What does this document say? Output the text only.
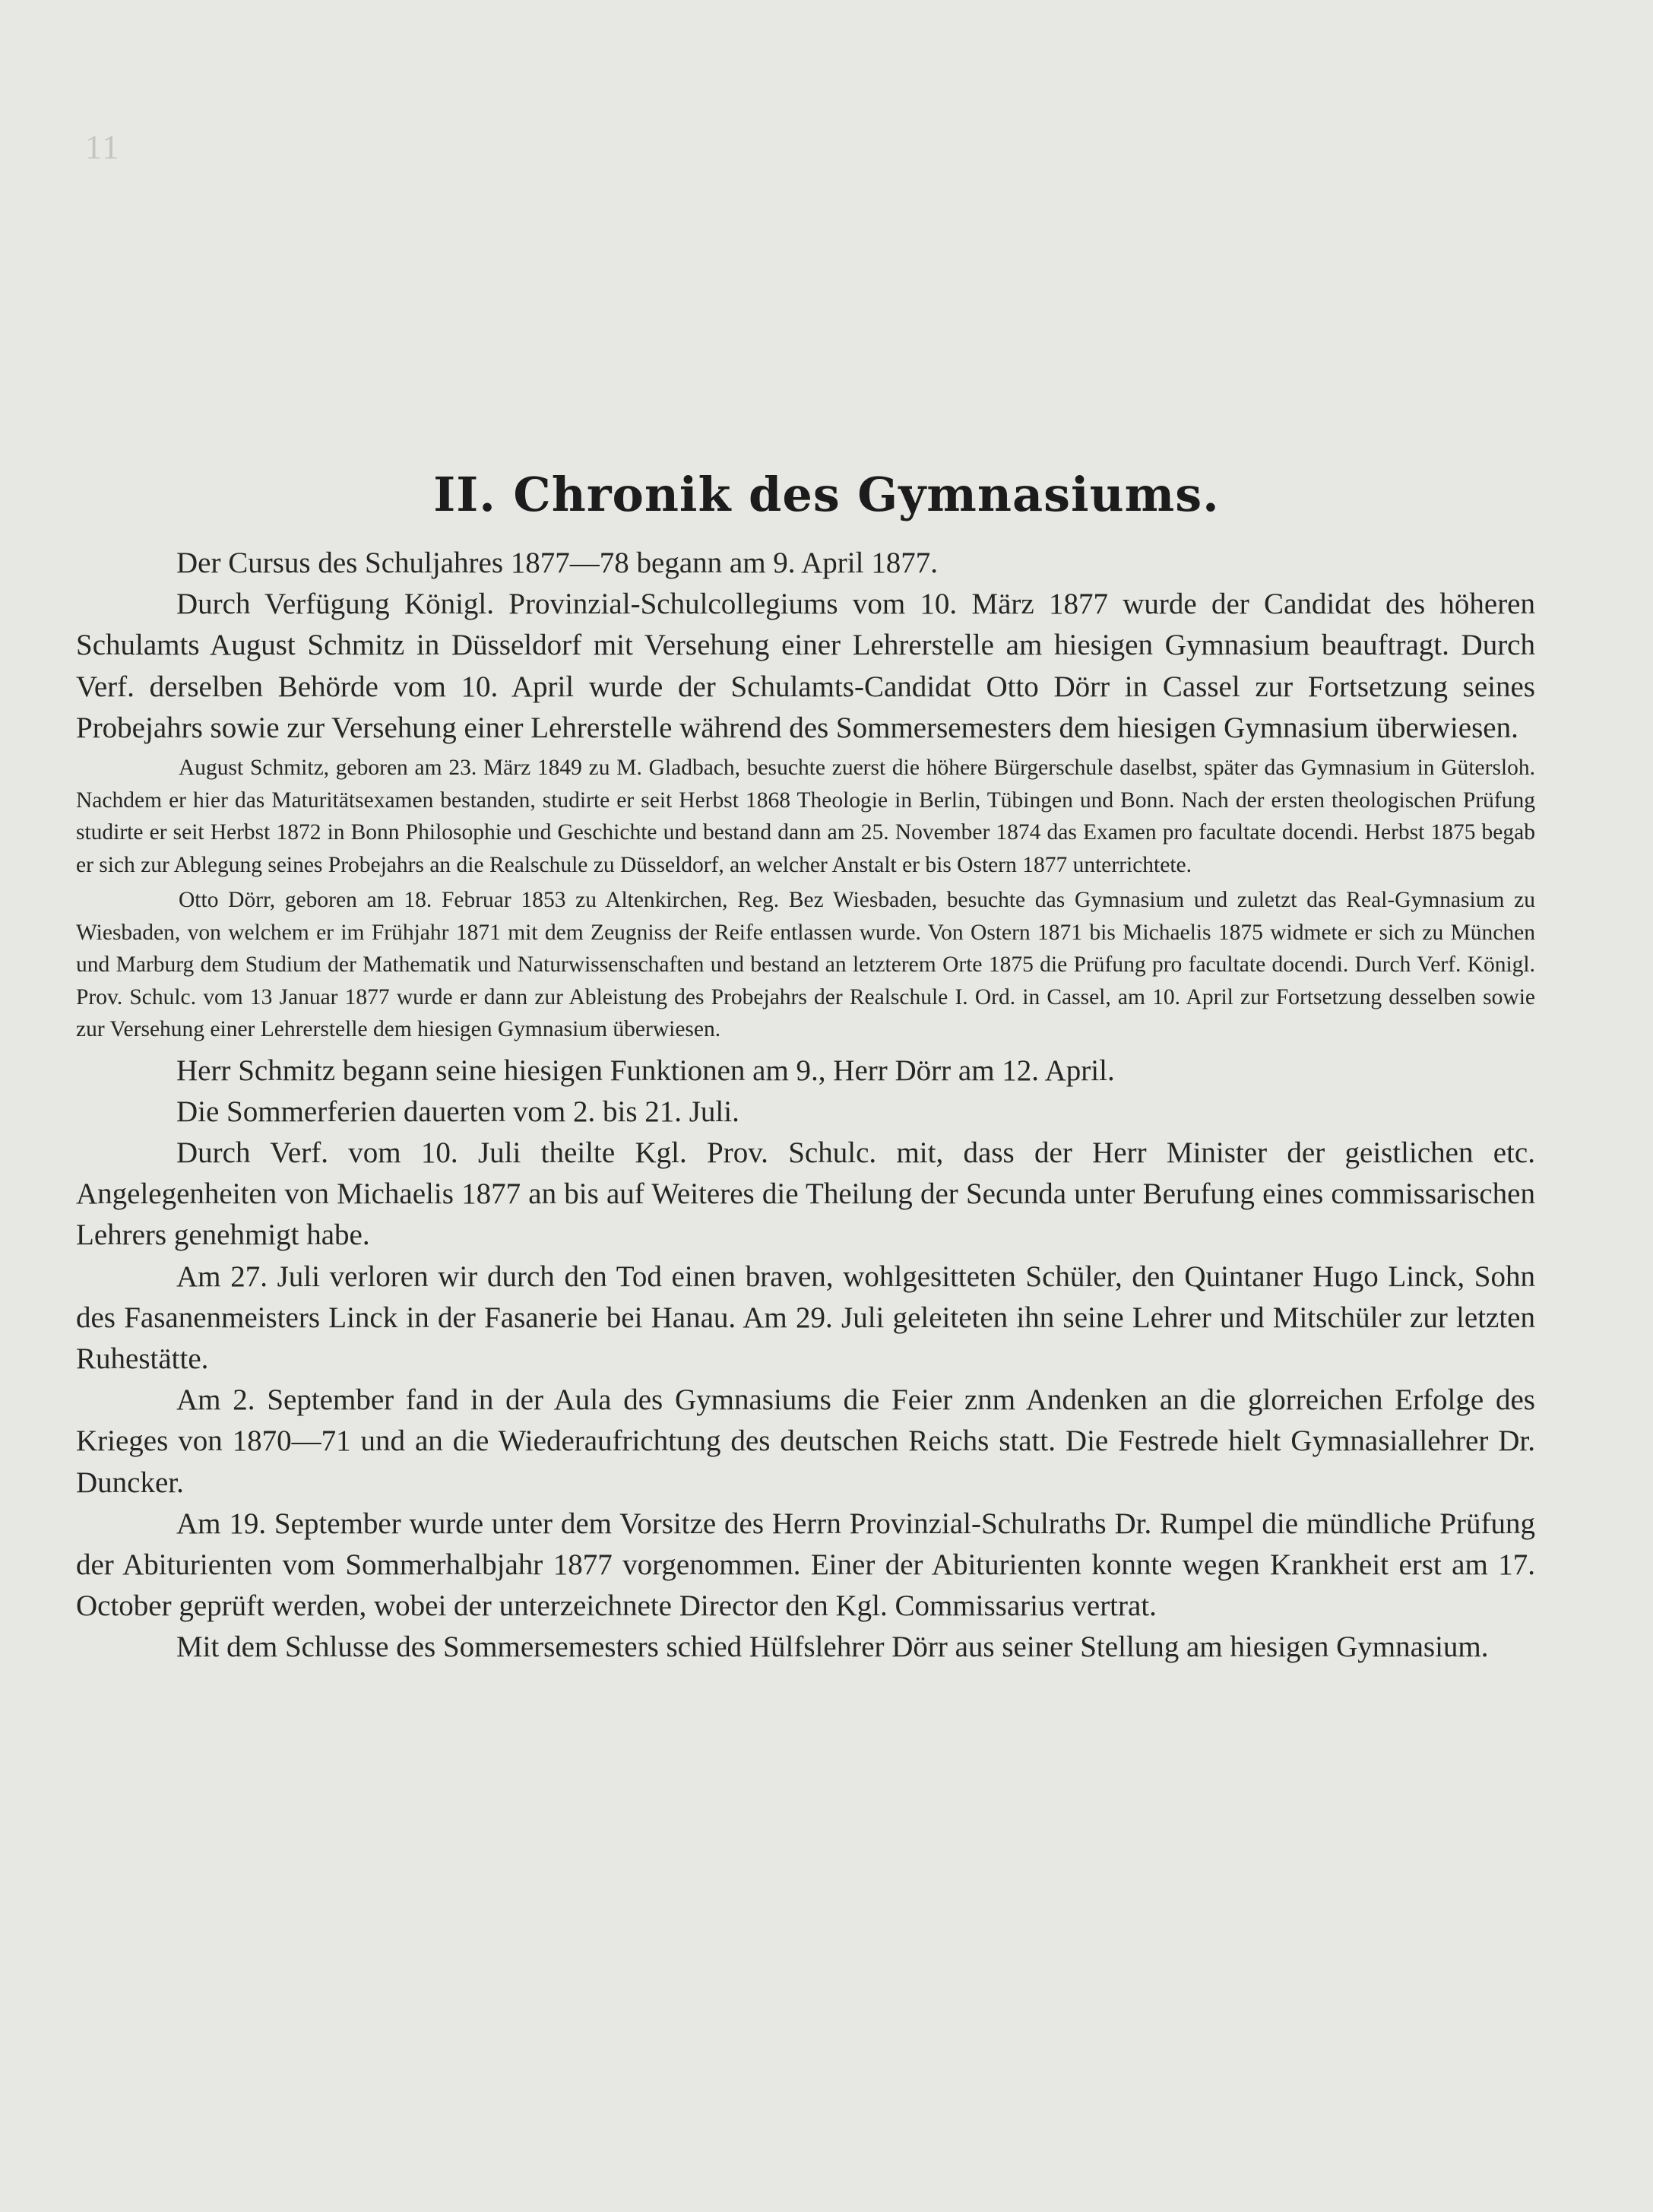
11
II. Chronik des Gymnasiums.

Der Cursus des Schuljahres 1877—78 begann am 9. April 1877.

Durch Verfügung Königl. Provinzial-Schulcollegiums vom 10. März 1877 wurde der Candidat des höheren Schulamts August Schmitz in Düsseldorf mit Versehung einer Lehrerstelle am hiesigen Gymnasium beauftragt. Durch Verf. derselben Behörde vom 10. April wurde der Schulamts-Candidat Otto Dörr in Cassel zur Fortsetzung seines Probejahrs sowie zur Versehung einer Lehrerstelle während des Sommersemesters dem hiesigen Gymnasium überwiesen.

August Schmitz, geboren am 23. März 1849 zu M. Gladbach, besuchte zuerst die höhere Bürgerschule daselbst, später das Gymnasium in Gütersloh. Nachdem er hier das Maturitätsexamen bestanden, studirte er seit Herbst 1868 Theologie in Berlin, Tübingen und Bonn. Nach der ersten theologischen Prüfung studirte er seit Herbst 1872 in Bonn Philosophie und Geschichte und bestand dann am 25. November 1874 das Examen pro facultate docendi. Herbst 1875 begab er sich zur Ablegung seines Probejahrs an die Realschule zu Düsseldorf, an welcher Anstalt er bis Ostern 1877 unterrichtete.

Otto Dörr, geboren am 18. Februar 1853 zu Altenkirchen, Reg. Bez Wiesbaden, besuchte das Gymnasium und zuletzt das Real-Gymnasium zu Wiesbaden, von welchem er im Frühjahr 1871 mit dem Zeugniss der Reife entlassen wurde. Von Ostern 1871 bis Michaelis 1875 widmete er sich zu München und Marburg dem Studium der Mathematik und Naturwissenschaften und bestand an letzterem Orte 1875 die Prüfung pro facultate docendi. Durch Verf. Königl. Prov. Schulc. vom 13 Januar 1877 wurde er dann zur Ableistung des Probejahrs der Realschule I. Ord. in Cassel, am 10. April zur Fortsetzung desselben sowie zur Versehung einer Lehrerstelle dem hiesigen Gymnasium überwiesen.

Herr Schmitz begann seine hiesigen Funktionen am 9., Herr Dörr am 12. April.

Die Sommerferien dauerten vom 2. bis 21. Juli.

Durch Verf. vom 10. Juli theilte Kgl. Prov. Schulc. mit, dass der Herr Minister der geistlichen etc. Angelegenheiten von Michaelis 1877 an bis auf Weiteres die Theilung der Secunda unter Berufung eines commissarischen Lehrers genehmigt habe.

Am 27. Juli verloren wir durch den Tod einen braven, wohlgesitteten Schüler, den Quintaner Hugo Linck, Sohn des Fasanenmeisters Linck in der Fasanerie bei Hanau. Am 29. Juli geleiteten ihn seine Lehrer und Mitschüler zur letzten Ruhestätte.

Am 2. September fand in der Aula des Gymnasiums die Feier znm Andenken an die glorreichen Erfolge des Krieges von 1870—71 und an die Wiederaufrichtung des deutschen Reichs statt. Die Festrede hielt Gymnasiallehrer Dr. Duncker.

Am 19. September wurde unter dem Vorsitze des Herrn Provinzial-Schulraths Dr. Rumpel die mündliche Prüfung der Abiturienten vom Sommerhalbjahr 1877 vorgenommen. Einer der Abiturienten konnte wegen Krankheit erst am 17. October geprüft werden, wobei der unterzeichnete Director den Kgl. Commissarius vertrat.

Mit dem Schlusse des Sommersemesters schied Hülfslehrer Dörr aus seiner Stellung am hiesigen Gymnasium.
